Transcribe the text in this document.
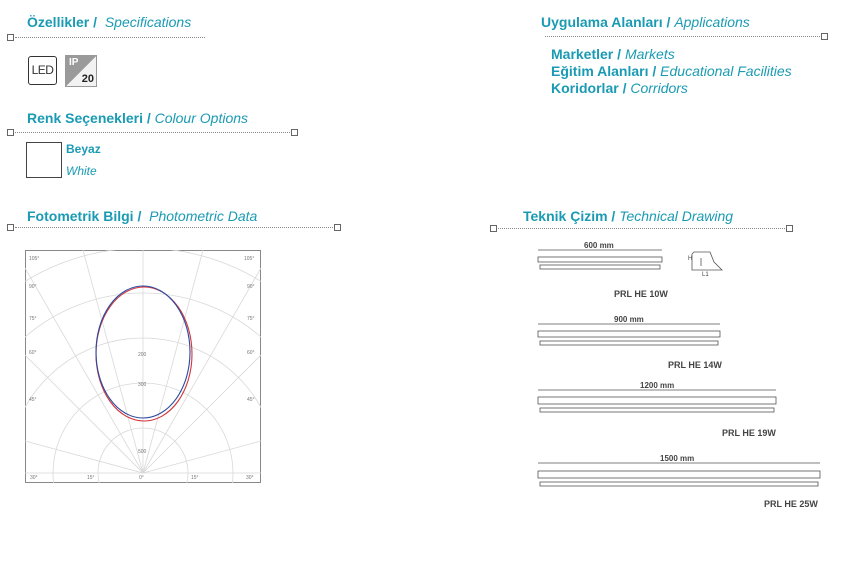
Özellikler / Specifications
LED
IP
20
Renk Seçenekleri / Colour Options
Beyaz
White
Uygulama Alanları / Applications
Marketler / Markets
Eğitim Alanları / Educational Facilities
Koridorlar / Corridors
Fotometrik Bilgi / Photometric Data
105°	105°
90°	90°
75°	75°
60°	60°
45°	45°
30°	15°	0°	15°	30°
200
300
500
Teknik Çizim / Technical Drawing
600 mm
900 mm
1200 mm
1500 mm
PRL HE 10W
PRL HE 14W
PRL HE 19W
PRL HE 25W
H
L1
